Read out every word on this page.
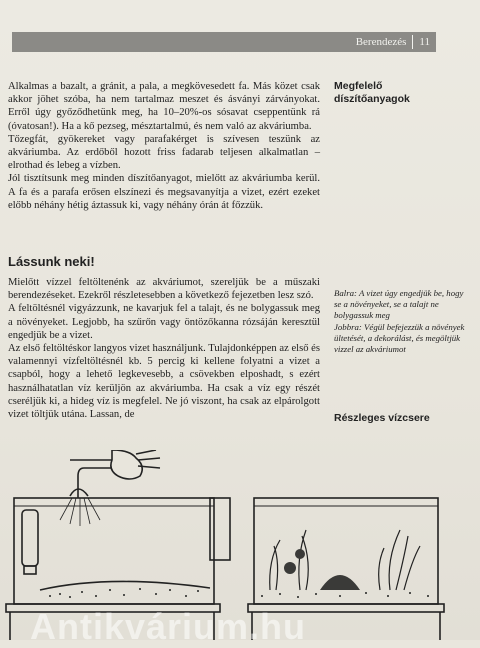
Berendezés	11

Alkalmas a bazalt, a gránit, a pala, a megkövesedett fa. Más közet csak akkor jöhet szóba, ha nem tartalmaz meszet és ásványi zárványokat. Erről úgy győződhetünk meg, ha 10–20%-os sósavat cseppentünk rá (óvatosan!). Ha a kő pezseg, mésztartalmú, és nem való az akváriumba.

Tőzegfát, gyökereket vagy parafakérget is szívesen teszünk az akváriumba. Az erdőből hozott friss fadarab teljesen alkalmatlan – elrothad és lebeg a vízben.

Jól tisztítsunk meg minden díszítőanyagot, mielőtt az akváriumba kerül. A fa és a parafa erősen elszínezi és megsavanyítja a vizet, ezért ezeket előbb néhány hétig áztassuk ki, vagy néhány órán át főzzük.

Lássunk neki!

Mielőtt vízzel feltöltenénk az akváriumot, szereljük be a műszaki berendezéseket. Ezekről részletesebben a következő fejezetben lesz szó.

A feltöltésnél vigyázzunk, ne kavarjuk fel a talajt, és ne bolygassuk meg a növényeket. Legjobb, ha szűrőn vagy öntözőkanna rózsáján keresztül engedjük be a vizet.

Az első feltöltéskor langyos vizet használjunk. Tulajdonképpen az első és valamennyi vízfeltöltésnél kb. 5 percig ki kellene folyatni a vizet a csapból, hogy a lehető legkevesebb, a csövekben elposhadt, s ezért használhatatlan víz kerüljön az akváriumba. Ha csak a víz egy részét cseréljük ki, a hideg víz is megfelel. Ne jó viszont, ha csak az elpárolgott vizet töltjük utána. Lassan, de

Megfelelő díszítőanyagok
Balra: A vizet úgy engedjük be, hogy se a növényeket, se a talajt ne bolygassuk meg
Jobbra: Végül befejezzük a növények ültetését, a dekorálást, és megöltjük vizzel az akváriumot
Részleges vízcsere
Antikvárium.hu
